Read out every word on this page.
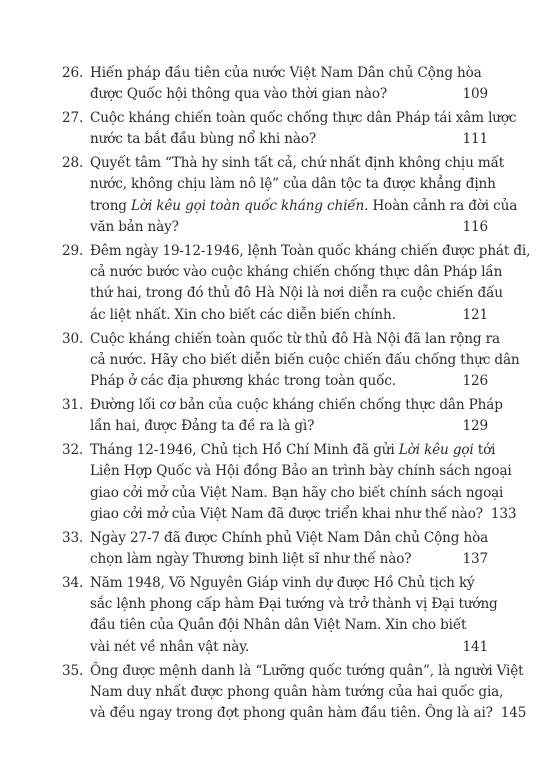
26. Hiến pháp đầu tiên của nước Việt Nam Dân chủ Cộng hòa
được Quốc hội thông qua vào thời gian nào?	109
27. Cuộc kháng chiến toàn quốc chống thực dân Pháp tái xâm lược
nước ta bắt đầu bùng nổ khi nào?	111
28. Quyết tâm “Thà hy sinh tất cả, chứ nhất định không chịu mất
nước, không chịu làm nô lệ” của dân tộc ta được khẳng định
trong Lời kêu gọi toàn quốc kháng chiến. Hoàn cảnh ra đời của
văn bản này?	116
29. Đêm ngày 19-12-1946, lệnh Toàn quốc kháng chiến được phát đi,
cả nước bước vào cuộc kháng chiến chống thực dân Pháp lần
thứ hai, trong đó thủ đô Hà Nội là nơi diễn ra cuộc chiến đấu
ác liệt nhất. Xin cho biết các diễn biến chính.	121
30. Cuộc kháng chiến toàn quốc từ thủ đô Hà Nội đã lan rộng ra
cả nước. Hãy cho biết diễn biến cuộc chiến đấu chống thực dân
Pháp ở các địa phương khác trong toàn quốc.	126
31. Đường lối cơ bản của cuộc kháng chiến chống thực dân Pháp
lần hai, được Đảng ta đề ra là gì?	129
32. Tháng 12-1946, Chủ tịch Hồ Chí Minh đã gửi Lời kêu gọi tới
Liên Hợp Quốc và Hội đồng Bảo an trình bày chính sách ngoại
giao cởi mở của Việt Nam. Bạn hãy cho biết chính sách ngoại
giao cởi mở của Việt Nam đã được triển khai như thế nào? 133
33. Ngày 27-7 đã được Chính phủ Việt Nam Dân chủ Cộng hòa
chọn làm ngày Thương binh liệt sĩ như thế nào?	137
34. Năm 1948, Võ Nguyên Giáp vinh dự được Hồ Chủ tịch ký
sắc lệnh phong cấp hàm Đại tướng và trở thành vị Đại tướng
đầu tiên của Quân đội Nhân dân Việt Nam. Xin cho biết
vài nét về nhân vật này.	141
35. Ông được mệnh danh là “Lưỡng quốc tướng quân”, là người Việt
Nam duy nhất được phong quân hàm tướng của hai quốc gia,
và đều ngay trong đợt phong quân hàm đầu tiên. Ông là ai? 145
